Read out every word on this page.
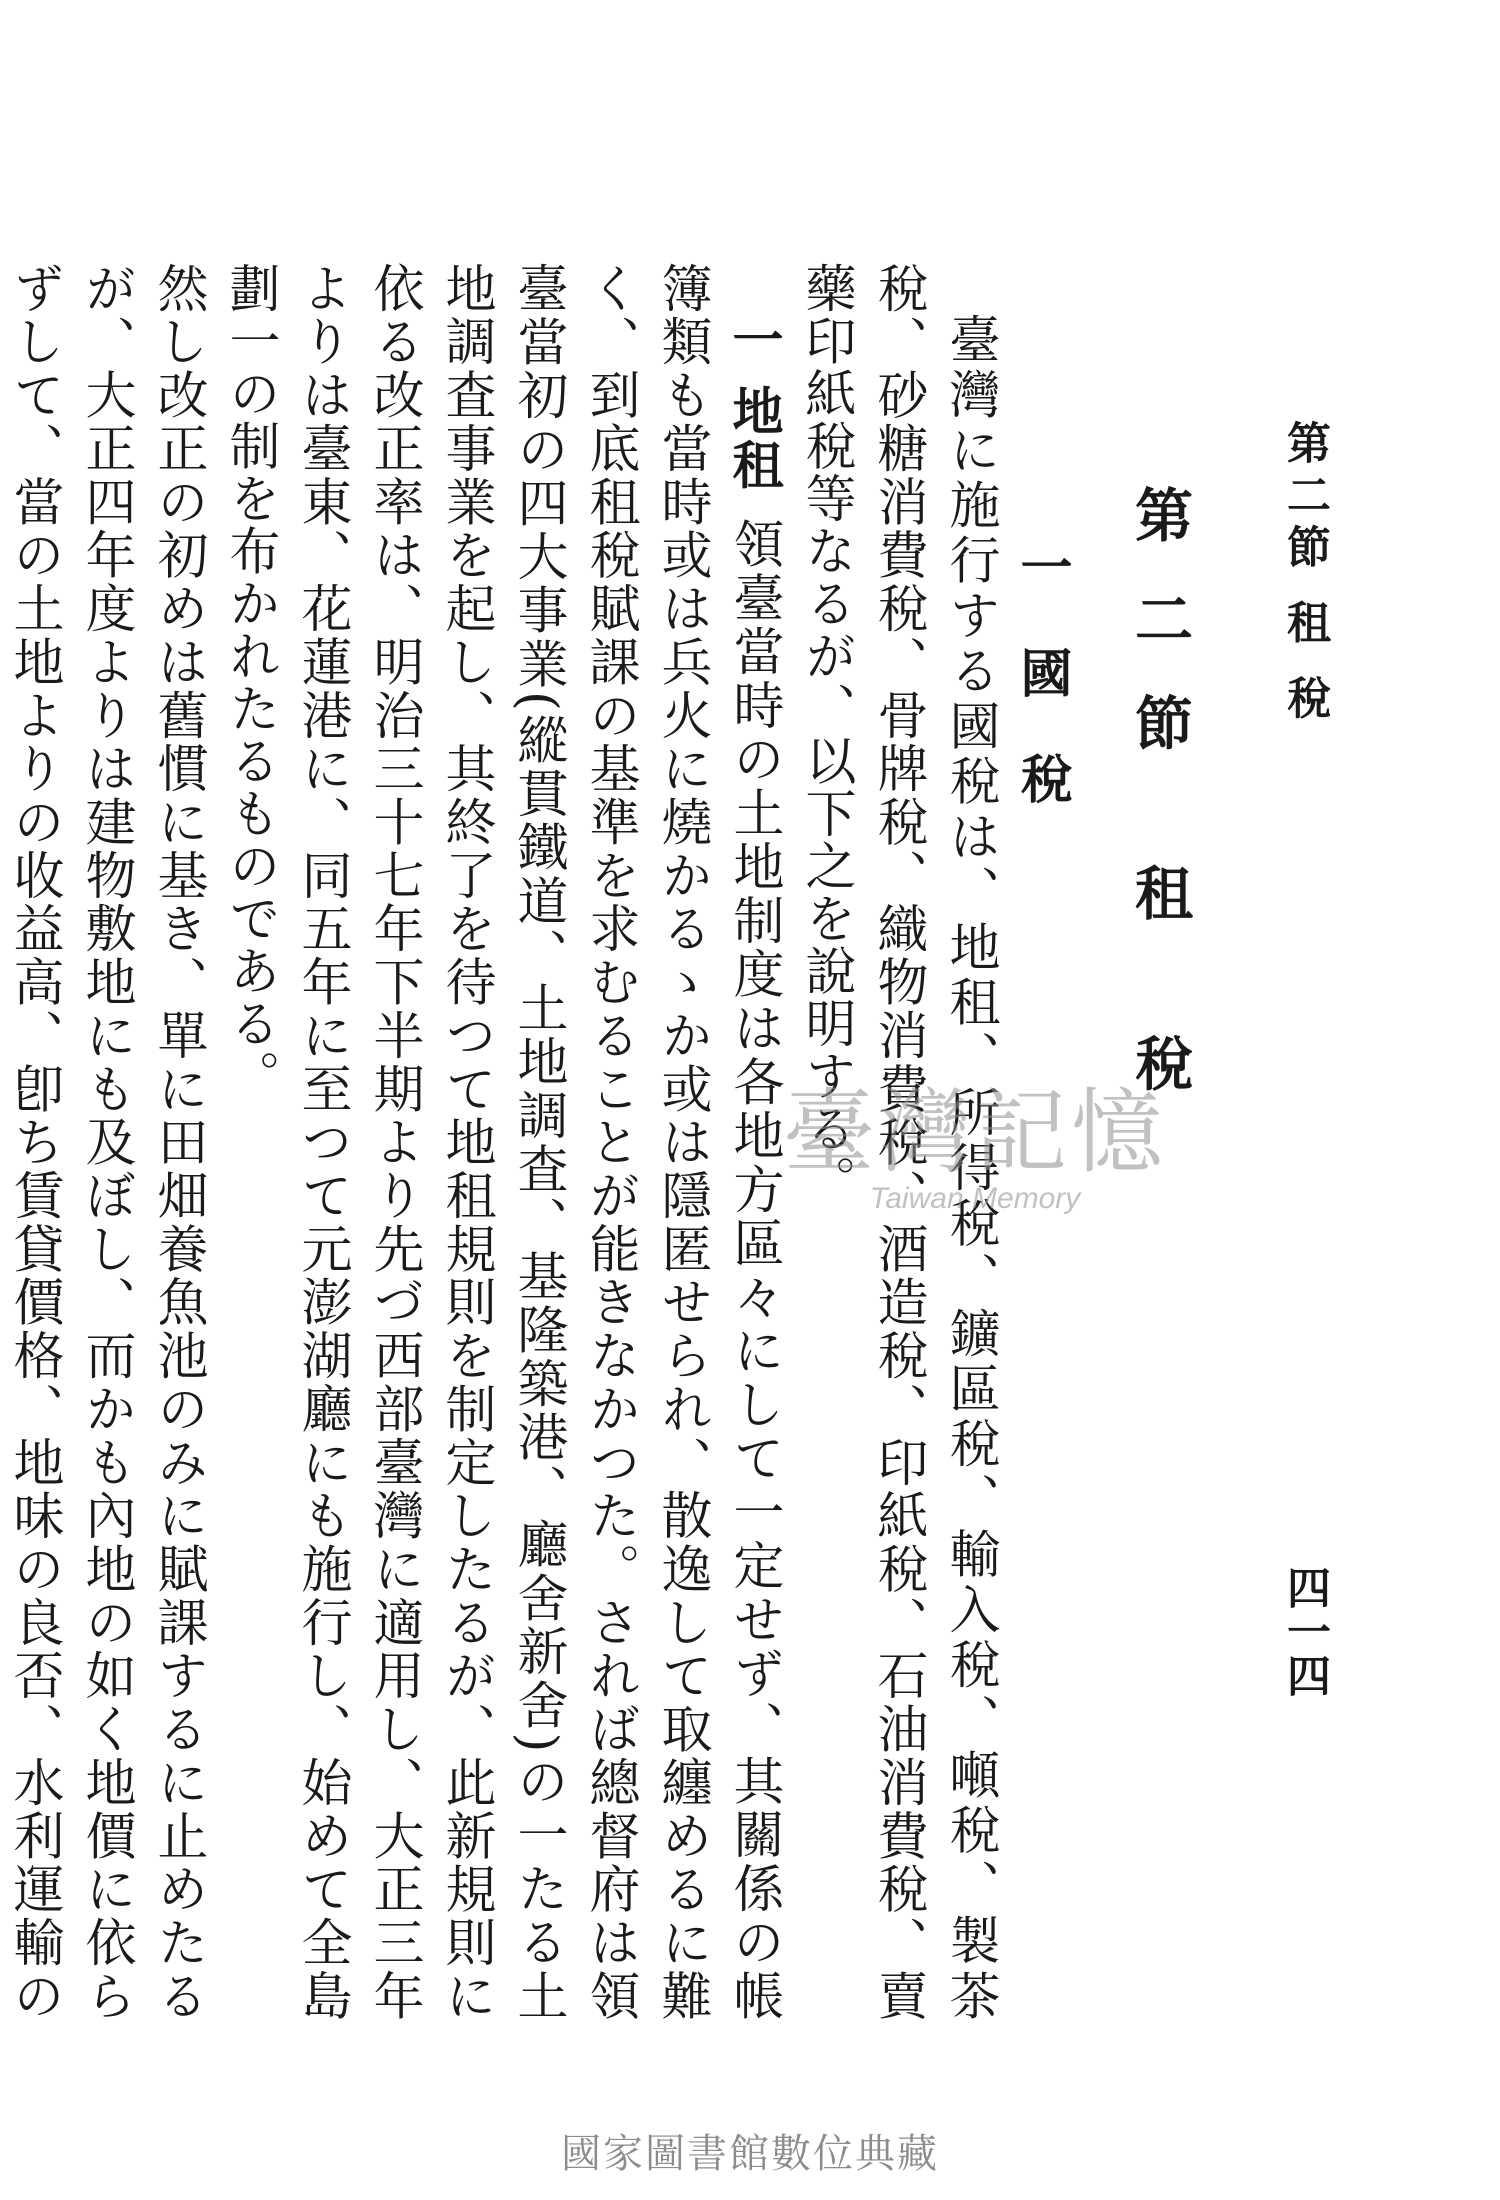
第二節 租 稅
四一四
第二節 租 稅
一 國 稅

臺灣に施行する國稅は、地租、所得稅、鑛區稅、輸入稅、噸稅、製茶稅、砂糖消費稅、骨牌稅、織物消費稅、酒造稅、印紙稅、石油消費稅、賣藥印紙稅等なるが、以下之を說明する。

一地租領臺當時の土地制度は各地方區々にして一定せず、其關係の帳簿類も當時或は兵火に燒かるゝか或は隱匿せられ、散逸して取纏めるに難く、到底租稅賦課の基準を求むることが能きなかつた。されば總督府は領臺當初の四大事業(縱貫鐵道、土地調査、基隆築港、廳舍新舍)の一たる土地調査事業を起し、其終了を待つて地租規則を制定したるが、此新規則に依る改正率は、明治三十七年下半期より先づ西部臺灣に適用し、大正三年よりは臺東、花蓮港に、同五年に至つて元澎湖廳にも施行し、始めて全島劃一の制を布かれたるものである。

然し改正の初めは舊慣に基き、單に田畑養魚池のみに賦課するに止めたるが、大正四年度よりは建物敷地にも及ぼし、而かも內地の如く地價に依らずして、當の土地よりの收益高、卽ち賃貸價格、地味の良否、水利運輸の

臺灣記憶
Taiwan Memory
國家圖書館數位典藏
